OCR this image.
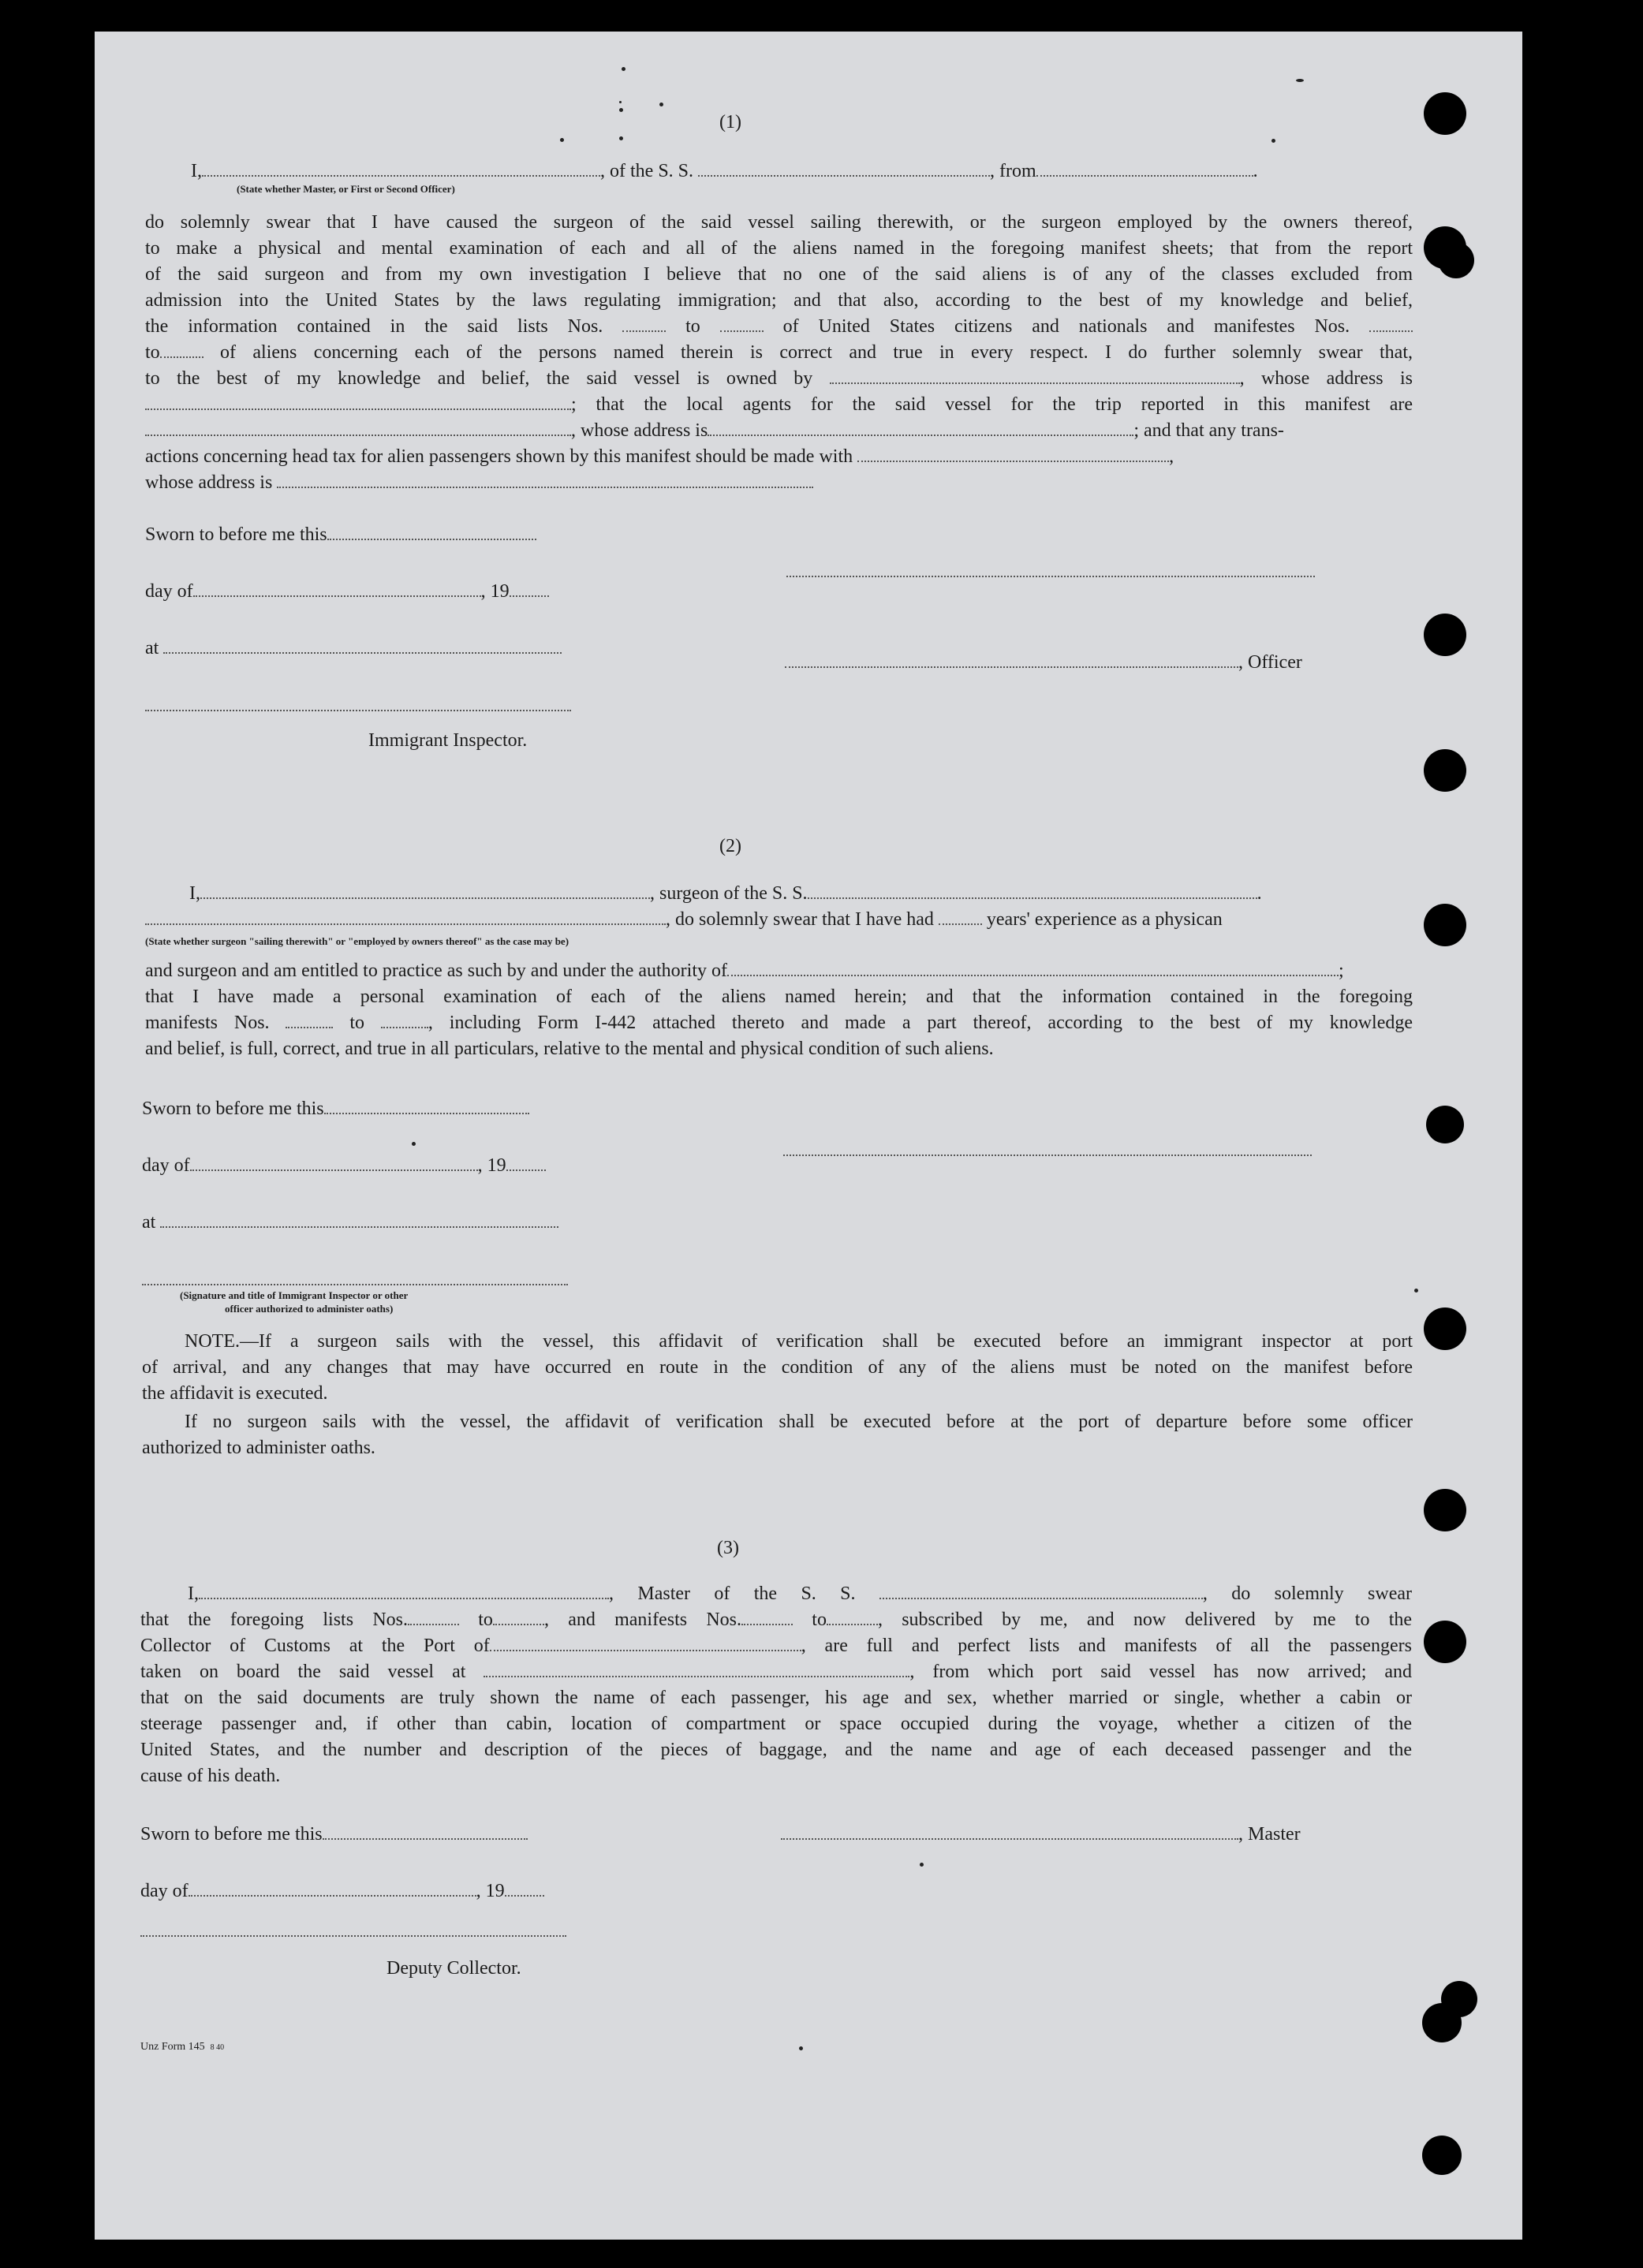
(1)
I,	, of the S. S.	, from	.
(State whether Master, or First or Second Officer)
do solemnly swear that I have caused the surgeon of the said vessel sailing therewith, or the surgeon employed by the owners thereof,
to make a physical and mental examination of each and all of the aliens named in the foregoing manifest sheets; that from the report
of the said surgeon and from my own investigation I believe that no one of the said aliens is of any of the classes excluded from
admission into the United States by the laws regulating immigration; and that also, according to the best of my knowledge and belief,
the information contained in the said lists Nos.	to	of United States citizens and nationals and manifestes Nos.
to	of aliens concerning each of the persons named therein is correct and true in every respect. I do further solemnly swear that,
to the best of my knowledge and belief, the said vessel is owned by	, whose address is
; that the local agents for the said vessel for the trip reported in this manifest are
, whose address is	; and that any trans-
actions concerning head tax for alien passengers shown by this manifest should be made with	,
whose address is
Sworn to before me this
day of	, 19
at
, Officer
Immigrant Inspector.
(2)
I,	, surgeon of the S. S.	.
, do solemnly swear that I have had	years' experience as a physican
(State whether surgeon "sailing therewith" or "employed by owners thereof" as the case may be)
and surgeon and am entitled to practice as such by and under the authority of	;
that I have made a personal examination of each of the aliens named herein; and that the information contained in the foregoing
manifests Nos.	to	, including Form I-442 attached thereto and made a part thereof, according to the best of my knowledge
and belief, is full, correct, and true in all particulars, relative to the mental and physical condition of such aliens.
Sworn to before me this
day of	, 19
at
(Signature and title of Immigrant Inspector or other
officer authorized to administer oaths)
NOTE.—If a surgeon sails with the vessel, this affidavit of verification shall be executed before an immigrant inspector at port
of arrival, and any changes that may have occurred en route in the condition of any of the aliens must be noted on the manifest before
the affidavit is executed.
If no surgeon sails with the vessel, the affidavit of verification shall be executed before at the port of departure before some officer
authorized to administer oaths.
(3)
I,	, Master of the S. S.	, do solemnly swear
that the foregoing lists Nos.	to	, and manifests Nos.	to	, subscribed by me, and now delivered by me to the
Collector of Customs at the Port of	, are full and perfect lists and manifests of all the passengers
taken on board the said vessel at	, from which port said vessel has now arrived; and
that on the said documents are truly shown the name of each passenger, his age and sex, whether married or single, whether a cabin or
steerage passenger and, if other than cabin, location of compartment or space occupied during the voyage, whether a citizen of the
United States, and the number and description of the pieces of baggage, and the name and age of each deceased passenger and the
cause of his death.
Sworn to before me this	, Master
day of	, 19
Deputy Collector.
Unz Form 145 8 40
